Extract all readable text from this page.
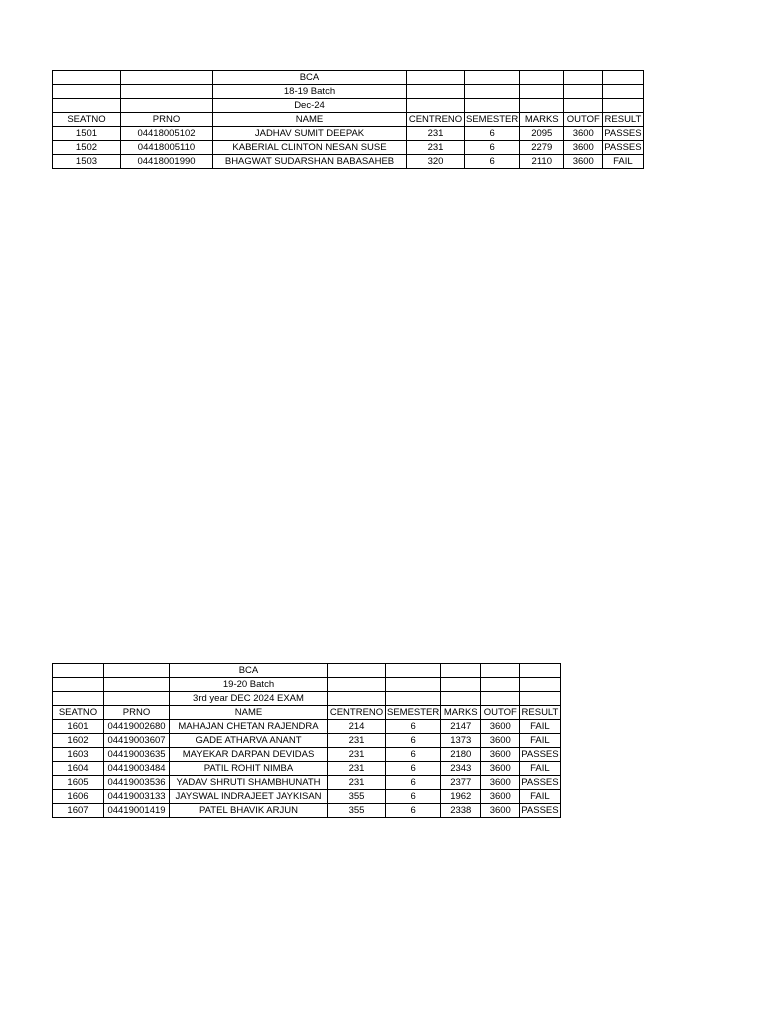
		BCA					
		18-19 Batch					
		Dec-24					
SEATNO	PRNO	NAME	CENTRENO	SEMESTER	MARKS	OUTOF	RESULT
1501	04418005102	JADHAV SUMIT DEEPAK	231	6	2095	3600	PASSES
1502	04418005110	KABERIAL CLINTON NESAN SUSE	231	6	2279	3600	PASSES
1503	04418001990	BHAGWAT SUDARSHAN BABASAHEB	320	6	2110	3600	FAIL
		BCA					
		19-20 Batch					
		3rd year DEC 2024 EXAM					
SEATNO	PRNO	NAME	CENTRENO	SEMESTER	MARKS	OUTOF	RESULT
1601	04419002680	MAHAJAN CHETAN RAJENDRA	214	6	2147	3600	FAIL
1602	04419003607	GADE ATHARVA ANANT	231	6	1373	3600	FAIL
1603	04419003635	MAYEKAR DARPAN DEVIDAS	231	6	2180	3600	PASSES
1604	04419003484	PATIL ROHIT NIMBA	231	6	2343	3600	FAIL
1605	04419003536	YADAV SHRUTI SHAMBHUNATH	231	6	2377	3600	PASSES
1606	04419003133	JAYSWAL INDRAJEET JAYKISAN	355	6	1962	3600	FAIL
1607	04419001419	PATEL BHAVIK ARJUN	355	6	2338	3600	PASSES
